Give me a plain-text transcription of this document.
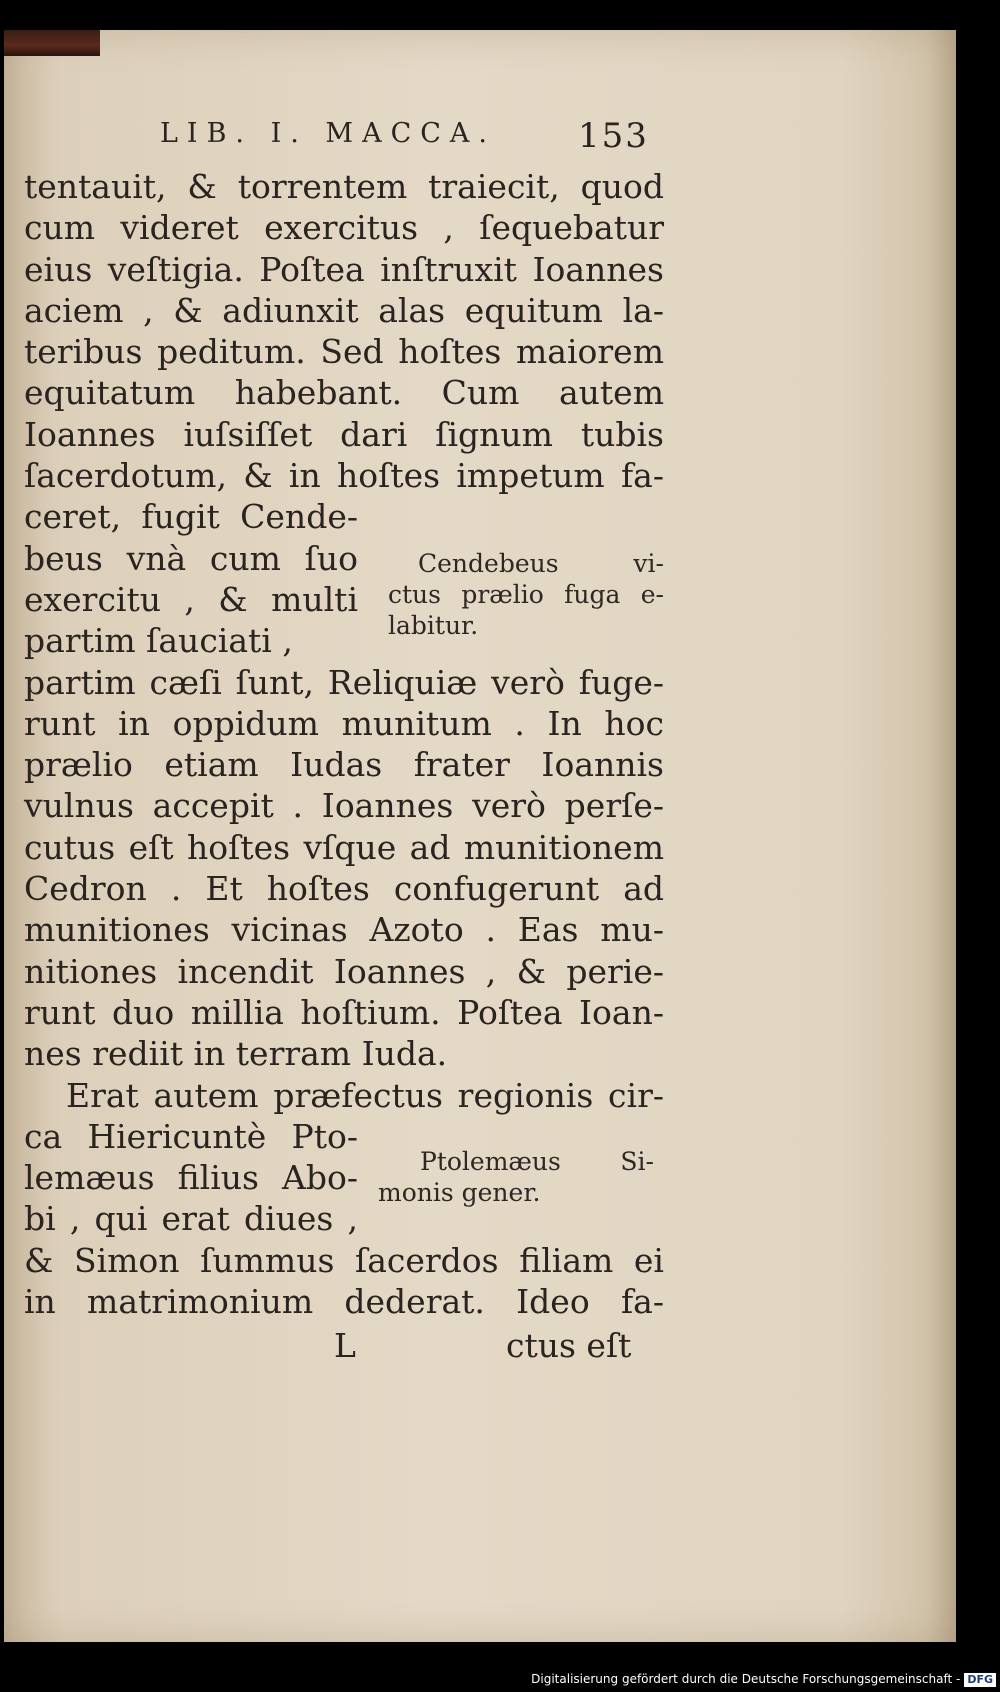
LIB. I. MACCA. 153
tentauit, & torrentem traiecit, quod
cum videret exercitus , ſequebatur
eius veſtigia. Poſtea inſtruxit Ioannes
aciem , & adiunxit alas equitum la-
teribus peditum. Sed hoſtes maiorem
equitatum habebant. Cum autem
Ioannes iuſsiſſet dari ſignum tubis
ſacerdotum, & in hoſtes impetum fa-
ceret, fugit Cende-
beus vnà cum ſuo
exercitu , & multi
partim ſauciati ,
Cendebeus vi-
ctus prælio fuga e-
labitur.
partim cæſi ſunt, Reliquiæ verò fuge-
runt in oppidum munitum . In hoc
prælio etiam Iudas frater Ioannis
vulnus accepit . Ioannes verò perſe-
cutus eſt hoſtes vſque ad munitionem
Cedron . Et hoſtes confugerunt ad
munitiones vicinas Azoto . Eas mu-
nitiones incendit Ioannes , & perie-
runt duo millia hoſtium. Poſtea Ioan-
nes rediit in terram Iuda.
Erat autem præfectus regionis cir-
ca Hiericuntè Pto-
lemæus filius Abo-
bi , qui erat diues ,
Ptolemæus Si-
monis gener.
& Simon ſummus ſacerdos filiam ei
in matrimonium dederat. Ideo fa-
L	ctus eſt
Digitalisierung gefördert durch die Deutsche Forschungsgemeinschaft - DFG
